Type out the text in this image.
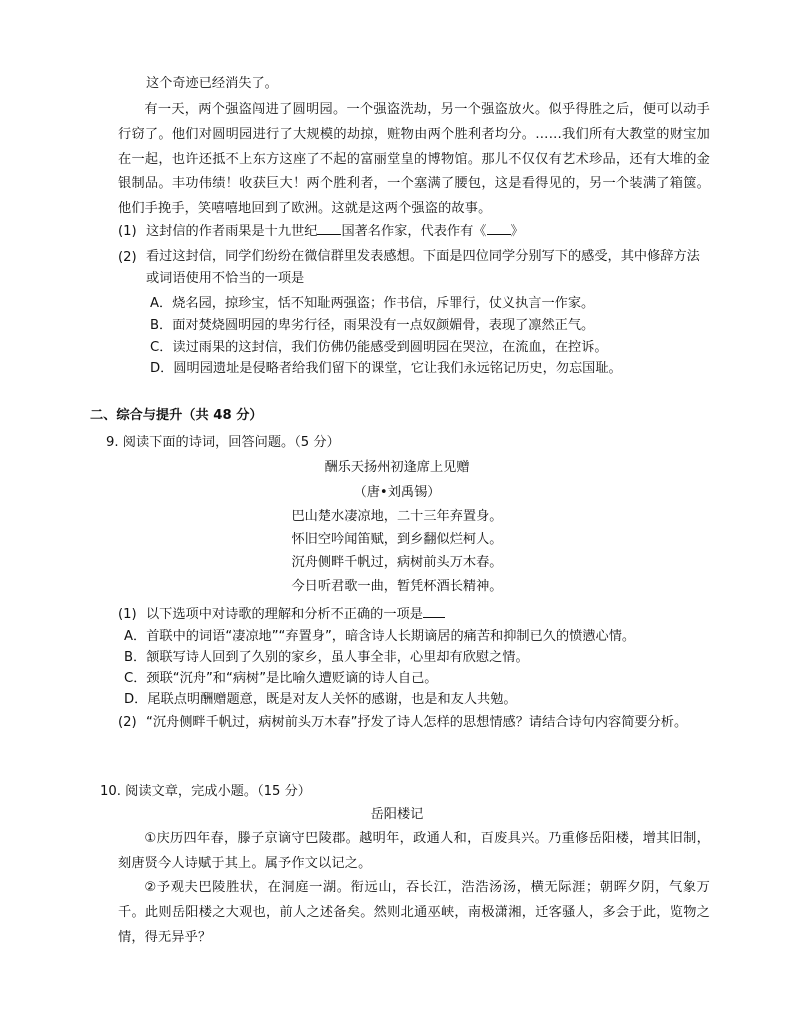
这个奇迹已经消失了。
有一天，两个强盗闯进了圆明园。一个强盗洗劫，另一个强盗放火。似乎得胜之后，便可以动手行窃了。他们对圆明园进行了大规模的劫掠，赃物由两个胜利者均分。……我们所有大教堂的财宝加在一起，也许还抵不上东方这座了不起的富丽堂皇的博物馆。那儿不仅仅有艺术珍品，还有大堆的金银制品。丰功伟绩！收获巨大！两个胜利者，一个塞满了腰包，这是看得见的，另一个装满了箱箧。他们手挽手，笑嘻嘻地回到了欧洲。这就是这两个强盗的故事。
(1) 这封信的作者雨果是十九世纪 国著名作家，代表作有《 》
(2) 看过这封信，同学们纷纷在微信群里发表感想。下面是四位同学分别写下的感受，其中修辞方法或词语使用不恰当的一项是
A．烧名园，掠珍宝，恬不知耻两强盗；作书信，斥罪行，仗义执言一作家。
B．面对焚烧圆明园的卑劣行径，雨果没有一点奴颜媚骨，表现了凛然正气。
C．读过雨果的这封信，我们仿佛仍能感受到圆明园在哭泣，在流血，在控诉。
D．圆明园遗址是侵略者给我们留下的课堂，它让我们永远铭记历史，勿忘国耻。
二、综合与提升（共 48 分）
9. 阅读下面的诗词，回答问题。（5 分）
酬乐天扬州初逢席上见赠
（唐•刘禹锡）
巴山楚水凄凉地，二十三年弃置身。
怀旧空吟闻笛赋，到乡翻似烂柯人。
沉舟侧畔千帆过，病树前头万木春。
今日听君歌一曲，暂凭杯酒长精神。
(1) 以下选项中对诗歌的理解和分析不正确的一项是
A．首联中的词语“凄凉地”“弃置身”，暗含诗人长期谪居的痛苦和抑制已久的愤懑心情。
B．颔联写诗人回到了久别的家乡，虽人事全非，心里却有欣慰之情。
C．颈联“沉舟”和“病树”是比喻久遭贬谪的诗人自己。
D．尾联点明酬赠题意，既是对友人关怀的感谢，也是和友人共勉。
(2) “沉舟侧畔千帆过，病树前头万木春”抒发了诗人怎样的思想情感？请结合诗句内容简要分析。
10. 阅读文章，完成小题。（15 分）
岳阳楼记
①庆历四年春，滕子京谪守巴陵郡。越明年，政通人和，百废具兴。乃重修岳阳楼，增其旧制，刻唐贤今人诗赋于其上。属予作文以记之。
②予观夫巴陵胜状，在洞庭一湖。衔远山，吞长江，浩浩汤汤，横无际涯；朝晖夕阴，气象万千。此则岳阳楼之大观也，前人之述备矣。然则北通巫峡，南极潇湘，迁客骚人，多会于此，览物之情，得无异乎？
